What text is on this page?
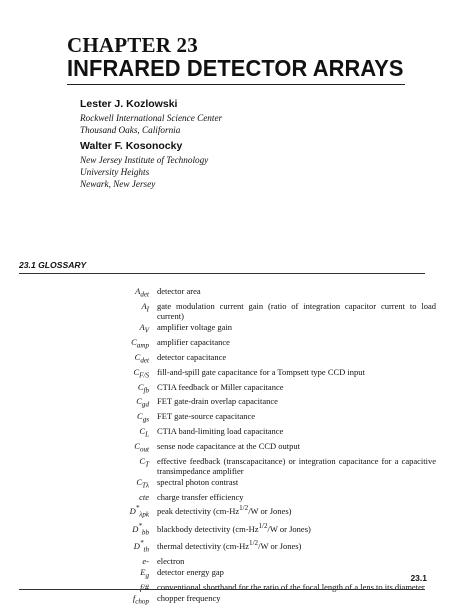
CHAPTER 23
INFRARED DETECTOR ARRAYS
Lester J. Kozlowski
Rockwell International Science Center
Thousand Oaks, California
Walter F. Kosonocky
New Jersey Institute of Technology
University Heights
Newark, New Jersey
23.1 GLOSSARY
$A_{det}$ detector area
$A_I$ gate modulation current gain (ratio of integration capacitor current to load current)
$A_V$ amplifier voltage gain
$C_{amp}$ amplifier capacitance
$C_{det}$ detector capacitance
$C_{F/S}$ fill-and-spill gate capacitance for a Tompsett type CCD input
$C_{fb}$ CTIA feedback or Miller capacitance
$C_{gd}$ FET gate-drain overlap capacitance
$C_{gs}$ FET gate-source capacitance
$C_L$ CTIA band-limiting load capacitance
$C_{out}$ sense node capacitance at the CCD output
$C_T$ effective feedback (transcapacitance) or integration capacitance for a capacitive transimpedance amplifier
$C_{T\lambda}$ spectral photon contrast
cte charge transfer efficiency
$D^*_{\lambda pk}$ peak detectivity ($cm-Hz^{1/2}/W$ or Jones)
$D^*_{bb}$ blackbody detectivity ($cm-Hz^{1/2}/W$ or Jones)
$D^*_{th}$ thermal detectivity ($cm-Hz^{1/2}/W$ or Jones)
e- electron
$E_g$ detector energy gap
f/# conventional shorthand for the ratio of the focal length of a lens to its diameter
$f_{chop}$ chopper frequency
23.1
